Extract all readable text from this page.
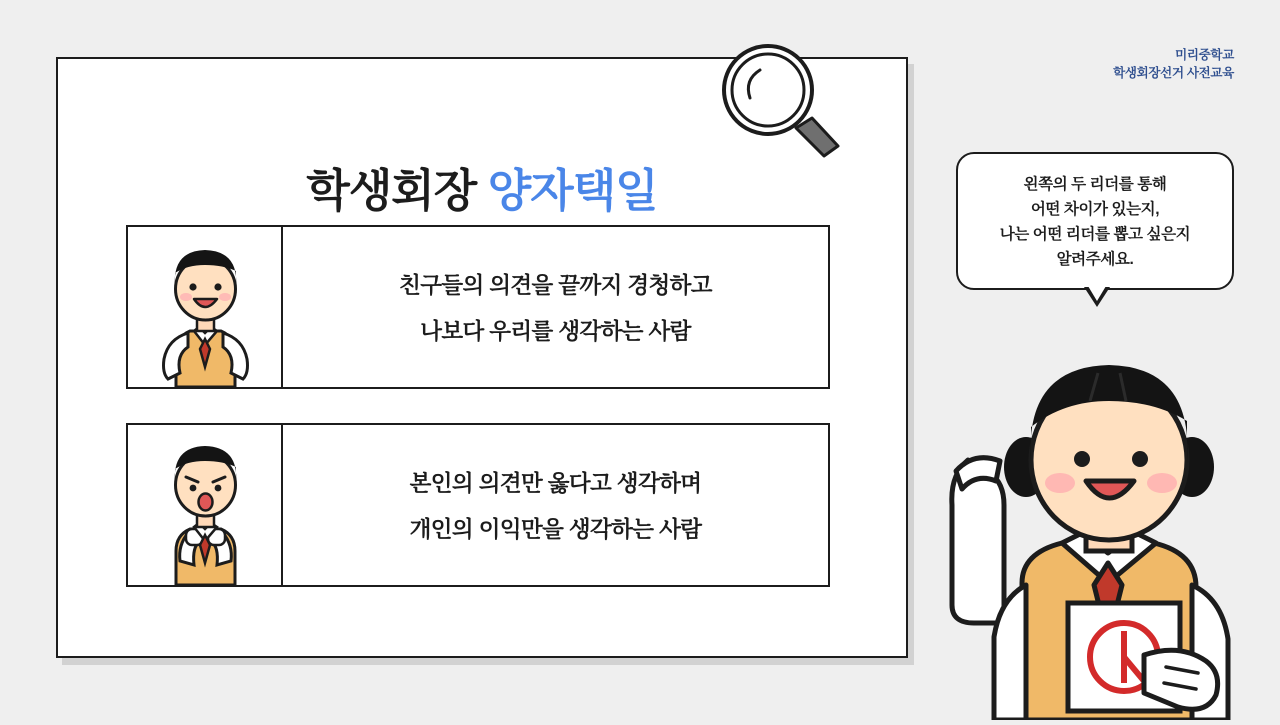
미리중학교
학생회장선거 사전교육
학생회장 양자택일
친구들의 의견을 끝까지 경청하고
나보다 우리를 생각하는 사람
본인의 의견만 옳다고 생각하며
개인의 이익만을 생각하는 사람
왼쪽의 두 리더를 통해
어떤 차이가 있는지,
나는 어떤 리더를 뽑고 싶은지
알려주세요.
